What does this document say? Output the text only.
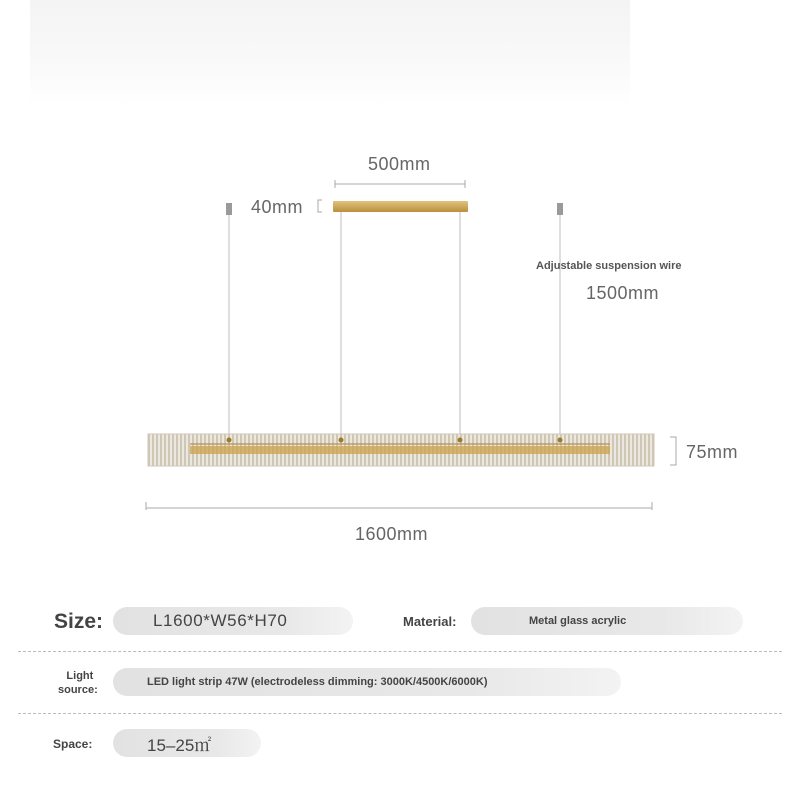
500mm
40mm
Adjustable suspension wire
1500mm
75mm
1600mm
Size:	L1600*W56*H70	Material:	Metal glass acrylic
Light
source:
LED light strip 47W (electrodeless dimming: 3000K/4500K/6000K)
Space:	15–25㎡
